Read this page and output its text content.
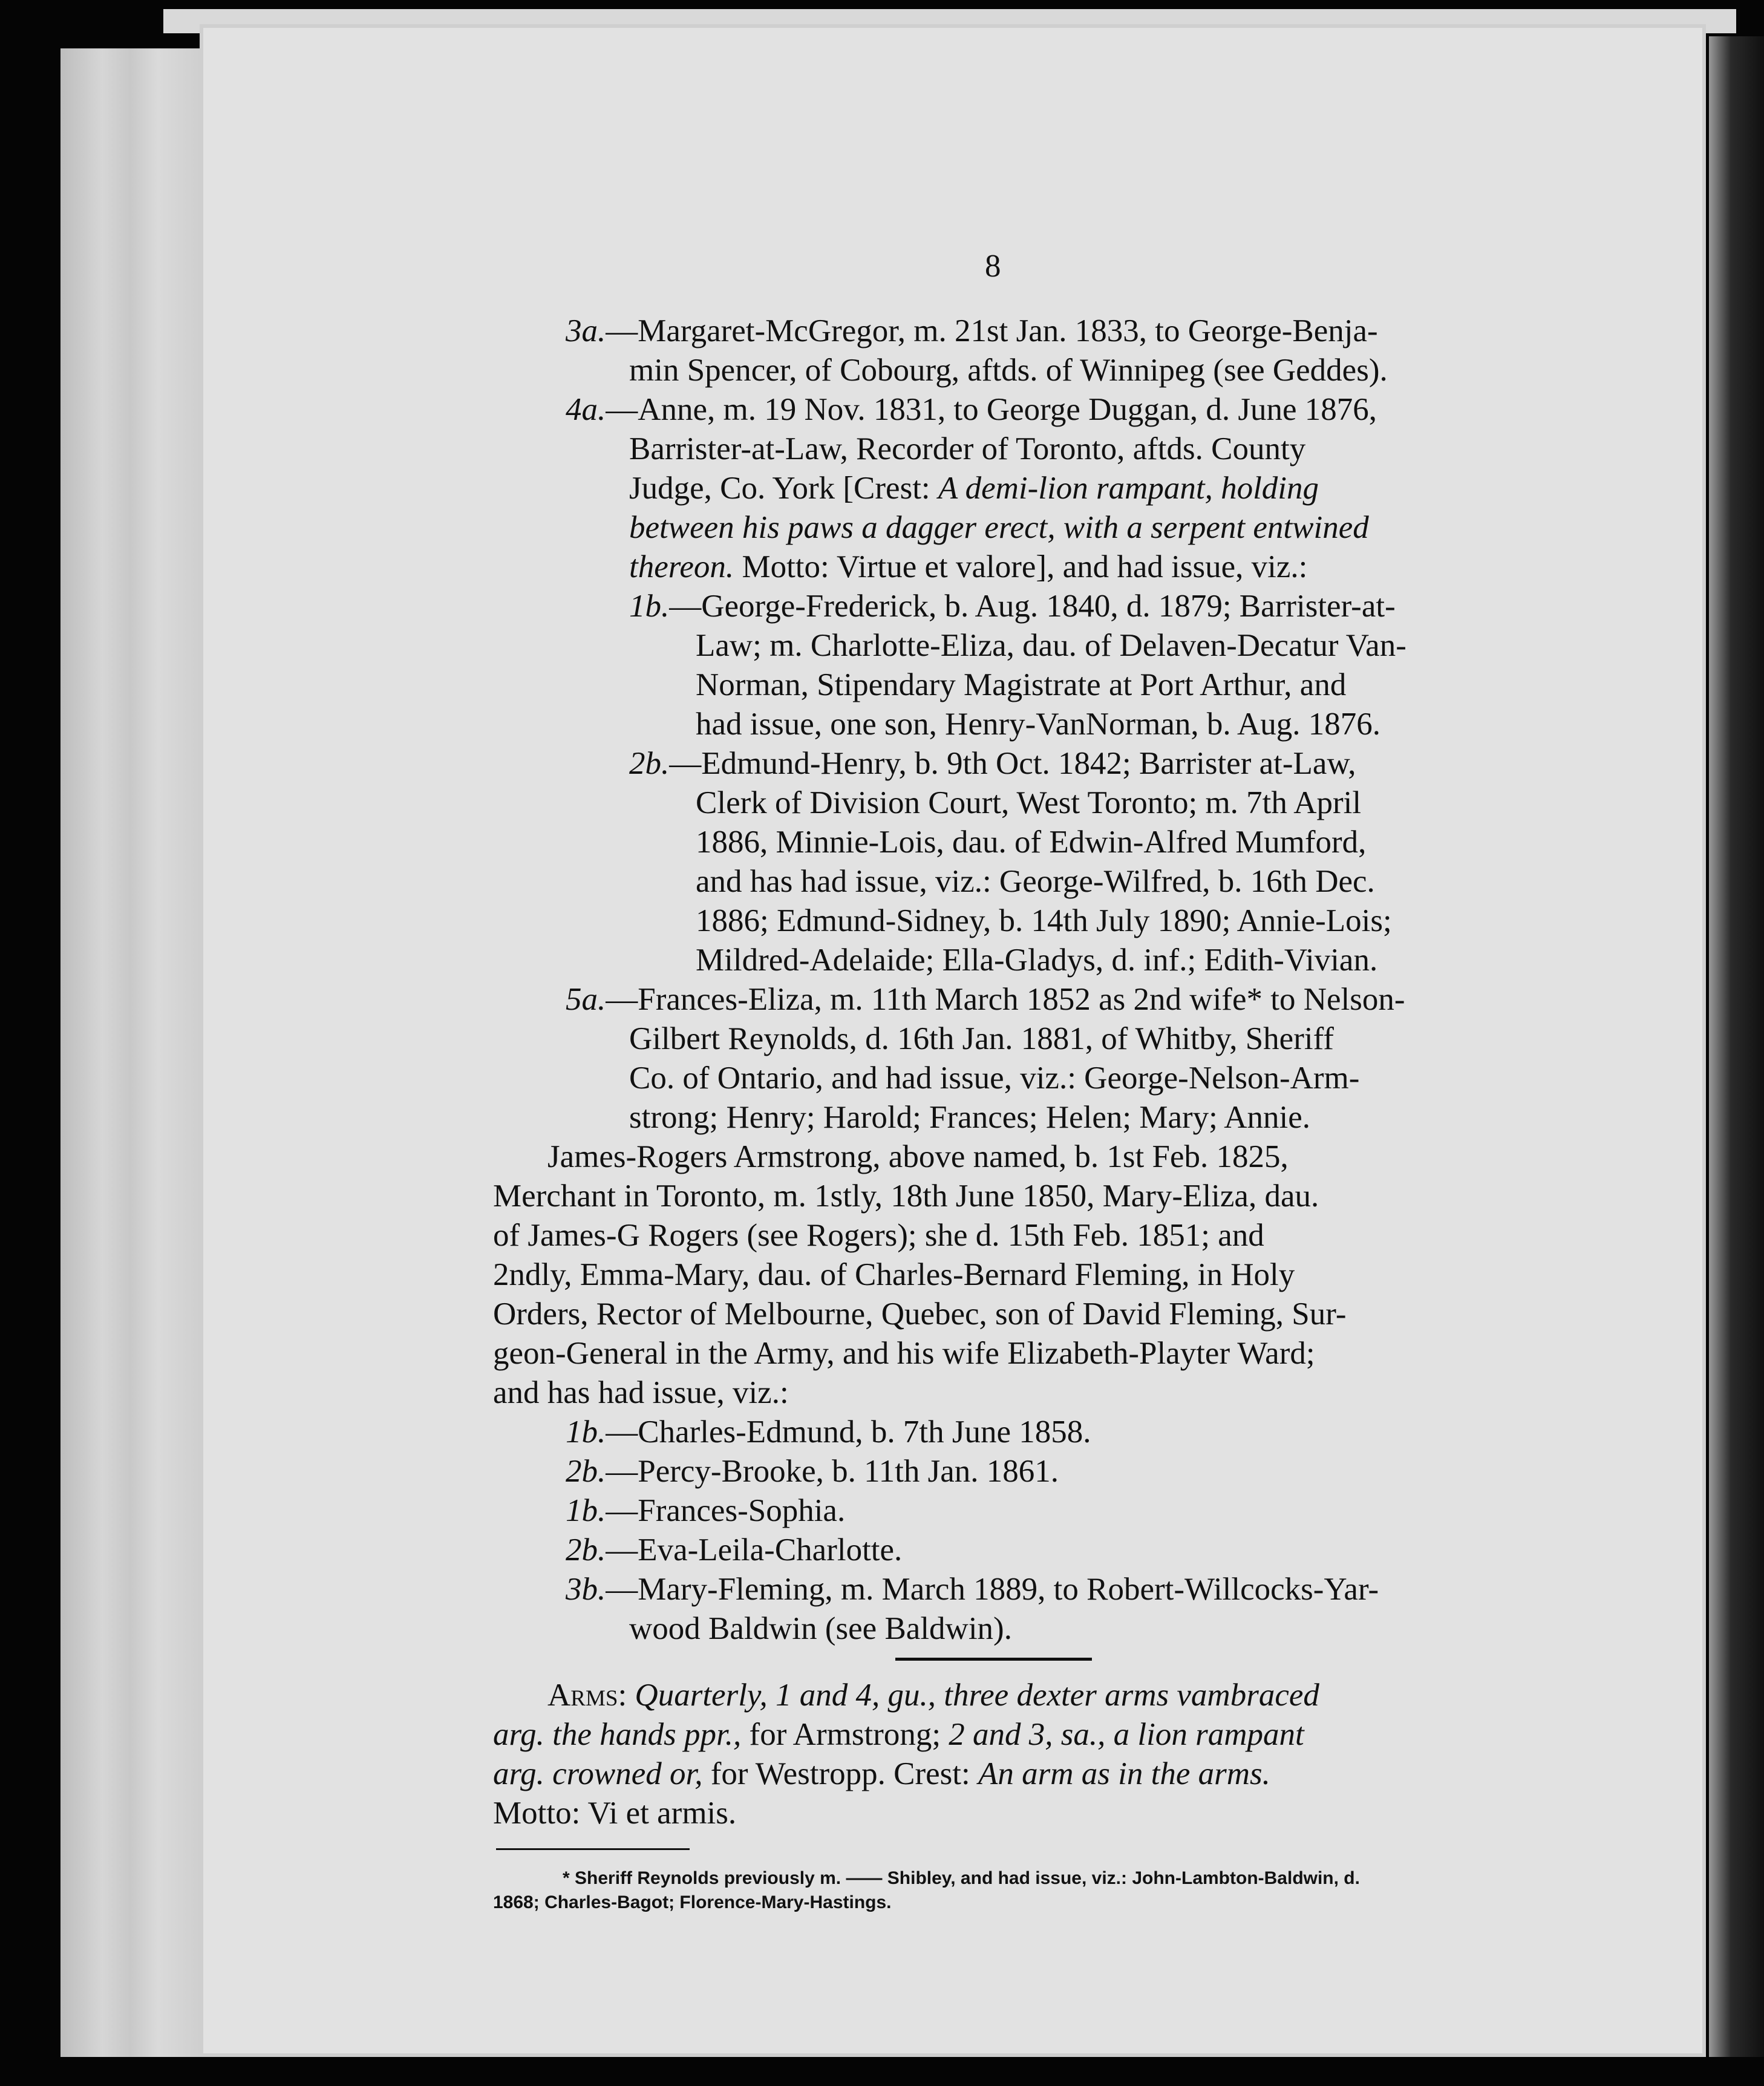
8
3a.—Margaret-McGregor, m. 21st Jan. 1833, to George-Benja-
min Spencer, of Cobourg, aftds. of Winnipeg (see Geddes).
4a.—Anne, m. 19 Nov. 1831, to George Duggan, d. June 1876,
Barrister-at-Law, Recorder of Toronto, aftds. County
Judge, Co. York [Crest: A demi-lion rampant, holding
between his paws a dagger erect, with a serpent entwined
thereon. Motto: Virtue et valore], and had issue, viz.:
1b.—George-Frederick, b. Aug. 1840, d. 1879; Barrister-at-
Law; m. Charlotte-Eliza, dau. of Delaven-Decatur Van-
Norman, Stipendary Magistrate at Port Arthur, and
had issue, one son, Henry-VanNorman, b. Aug. 1876.
2b.—Edmund-Henry, b. 9th Oct. 1842; Barrister at-Law,
Clerk of Division Court, West Toronto; m. 7th April
1886, Minnie-Lois, dau. of Edwin-Alfred Mumford,
and has had issue, viz.: George-Wilfred, b. 16th Dec.
1886; Edmund-Sidney, b. 14th July 1890; Annie-Lois;
Mildred-Adelaide; Ella-Gladys, d. inf.; Edith-Vivian.
5a.—Frances-Eliza, m. 11th March 1852 as 2nd wife* to Nelson-
Gilbert Reynolds, d. 16th Jan. 1881, of Whitby, Sheriff
Co. of Ontario, and had issue, viz.: George-Nelson-Arm-
strong; Henry; Harold; Frances; Helen; Mary; Annie.
James-Rogers Armstrong, above named, b. 1st Feb. 1825,
Merchant in Toronto, m. 1stly, 18th June 1850, Mary-Eliza, dau.
of James-G Rogers (see Rogers); she d. 15th Feb. 1851; and
2ndly, Emma-Mary, dau. of Charles-Bernard Fleming, in Holy
Orders, Rector of Melbourne, Quebec, son of David Fleming, Sur-
geon-General in the Army, and his wife Elizabeth-Playter Ward;
and has had issue, viz.:
1b.—Charles-Edmund, b. 7th June 1858.
2b.—Percy-Brooke, b. 11th Jan. 1861.
1b.—Frances-Sophia.
2b.—Eva-Leila-Charlotte.
3b.—Mary-Fleming, m. March 1889, to Robert-Willcocks-Yar-
wood Baldwin (see Baldwin).
Arms: Quarterly, 1 and 4, gu., three dexter arms vambraced
arg. the hands ppr., for Armstrong; 2 and 3, sa., a lion rampant
arg. crowned or, for Westropp. Crest: An arm as in the arms.
Motto: Vi et armis.
* Sheriff Reynolds previously m. —— Shibley, and had issue, viz.: John-Lambton-Baldwin, d.
1868; Charles-Bagot; Florence-Mary-Hastings.
